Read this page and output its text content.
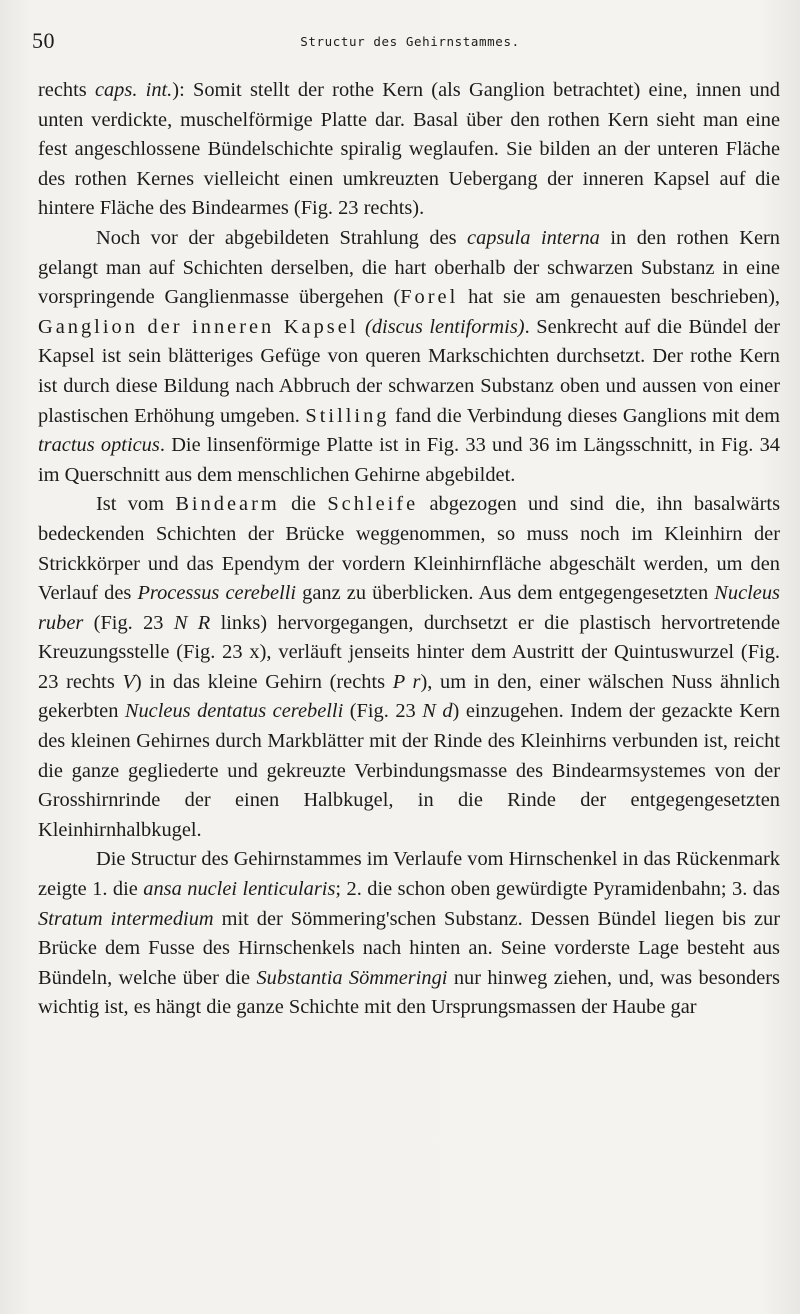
50	Structur des Gehirnstammes.

rechts caps. int.): Somit stellt der rothe Kern (als Ganglion betrachtet) eine, innen und unten verdickte, muschelförmige Platte dar. Basal über den rothen Kern sieht man eine fest angeschlossene Bündelschichte spiralig weglaufen. Sie bilden an der unteren Fläche des rothen Kernes vielleicht einen umkreuzten Uebergang der inneren Kapsel auf die hintere Fläche des Bindearmes (Fig. 23 rechts).

Noch vor der abgebildeten Strahlung des capsula interna in den rothen Kern gelangt man auf Schichten derselben, die hart oberhalb der schwarzen Substanz in eine vorspringende Ganglienmasse übergehen (Forel hat sie am genauesten beschrieben), Ganglion der inneren Kapsel (discus lentiformis). Senkrecht auf die Bündel der Kapsel ist sein blätteriges Gefüge von queren Markschichten durchsetzt. Der rothe Kern ist durch diese Bildung nach Abbruch der schwarzen Substanz oben und aussen von einer plastischen Erhöhung umgeben. Stilling fand die Verbindung dieses Ganglions mit dem tractus opticus. Die linsenförmige Platte ist in Fig. 33 und 36 im Längsschnitt, in Fig. 34 im Querschnitt aus dem menschlichen Gehirne abgebildet.

Ist vom Bindearm die Schleife abgezogen und sind die, ihn basalwärts bedeckenden Schichten der Brücke weggenommen, so muss noch im Kleinhirn der Strickkörper und das Ependym der vordern Kleinhirnfläche abgeschält werden, um den Verlauf des Processus cerebelli ganz zu überblicken. Aus dem entgegengesetzten Nucleus ruber (Fig. 23 N R links) hervorgegangen, durchsetzt er die plastisch hervortretende Kreuzungsstelle (Fig. 23 x), verläuft jenseits hinter dem Austritt der Quintuswurzel (Fig. 23 rechts V) in das kleine Gehirn (rechts P r), um in den, einer wälschen Nuss ähnlich gekerbten Nucleus dentatus cerebelli (Fig. 23 N d) einzugehen. Indem der gezackte Kern des kleinen Gehirnes durch Markblätter mit der Rinde des Kleinhirns verbunden ist, reicht die ganze gegliederte und gekreuzte Verbindungsmasse des Bindearmsystemes von der Grosshirnrinde der einen Halbkugel, in die Rinde der entgegengesetzten Kleinhirnhalbkugel.

Die Structur des Gehirnstammes im Verlaufe vom Hirnschenkel in das Rückenmark zeigte 1. die ansa nuclei lenticularis; 2. die schon oben gewürdigte Pyramidenbahn; 3. das Stratum intermedium mit der Sömmering'schen Substanz. Dessen Bündel liegen bis zur Brücke dem Fusse des Hirnschenkels nach hinten an. Seine vorderste Lage besteht aus Bündeln, welche über die Substantia Sömmeringi nur hinweg ziehen, und, was besonders wichtig ist, es hängt die ganze Schichte mit den Ursprungsmassen der Haube gar
